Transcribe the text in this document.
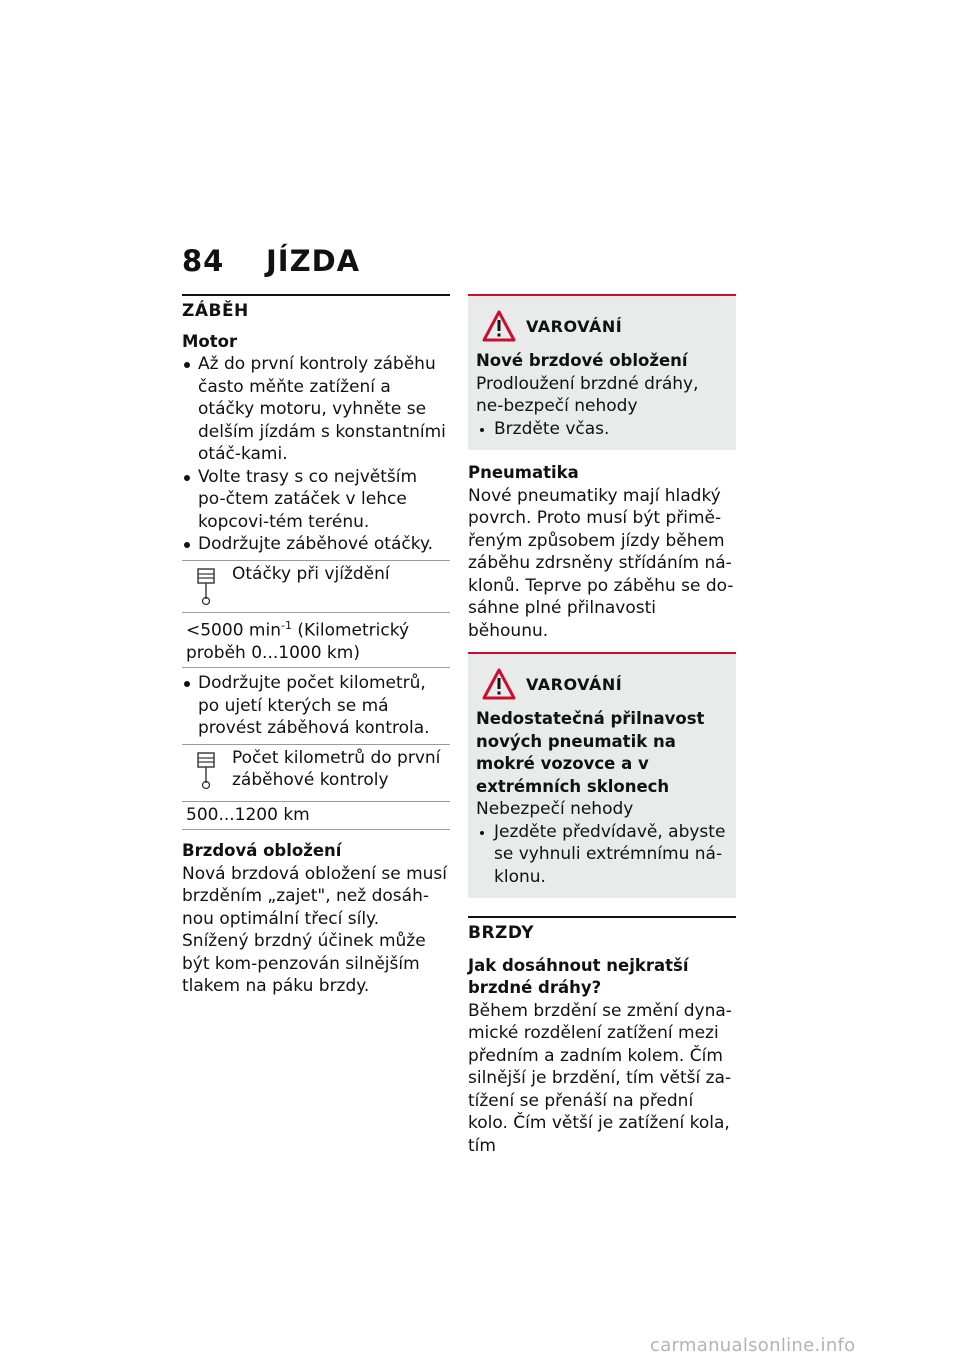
84 JÍZDA
ZÁBĚH
Motor
Až do první kontroly záběhu často měňte zatížení a otáčky motoru, vyhněte se delším jízdám s konstantními otáč-kami.
Volte trasy s co největším po-čtem zatáček v lehce kopcovi-tém terénu.
Dodržujte záběhové otáčky.
Otáčky při vjíždění
<5000 $\min^{-1}$ (Kilometrický proběh 0...1000 km)
Dodržujte počet kilometrů, po ujetí kterých se má provést záběhová kontrola.
Počet kilometrů do první záběhové kontroly
500...1200 km
Brzdová obložení

Nová brzdová obložení se musí brzděním „zajet", než dosáh-nou optimální třecí síly. Snížený brzdný účinek může být kom-penzován silnějším tlakem na páku brzdy.

VAROVÁNÍ
Nové brzdové obložení

Prodloužení brzdné dráhy, ne-bezpečí nehody

Brzděte včas.
Pneumatika

Nové pneumatiky mají hladký povrch. Proto musí být přimě-řeným způsobem jízdy během záběhu zdrsněny střídáním ná-klonů. Teprve po záběhu se do-sáhne plné přilnavosti běhounu.

VAROVÁNÍ
Nedostatečná přilnavost nových pneumatik na mokré vozovce a v extrémních sklonech

Nebezpečí nehody

Jezděte předvídavě, abyste se vyhnuli extrémnímu ná-klonu.
BRZDY
Jak dosáhnout nejkratší brzdné dráhy?

Během brzdění se změní dyna-mické rozdělení zatížení mezi předním a zadním kolem. Čím silnější je brzdění, tím větší za-tížení se přenáší na přední kolo. Čím větší je zatížení kola, tím

carmanualsonline.info
